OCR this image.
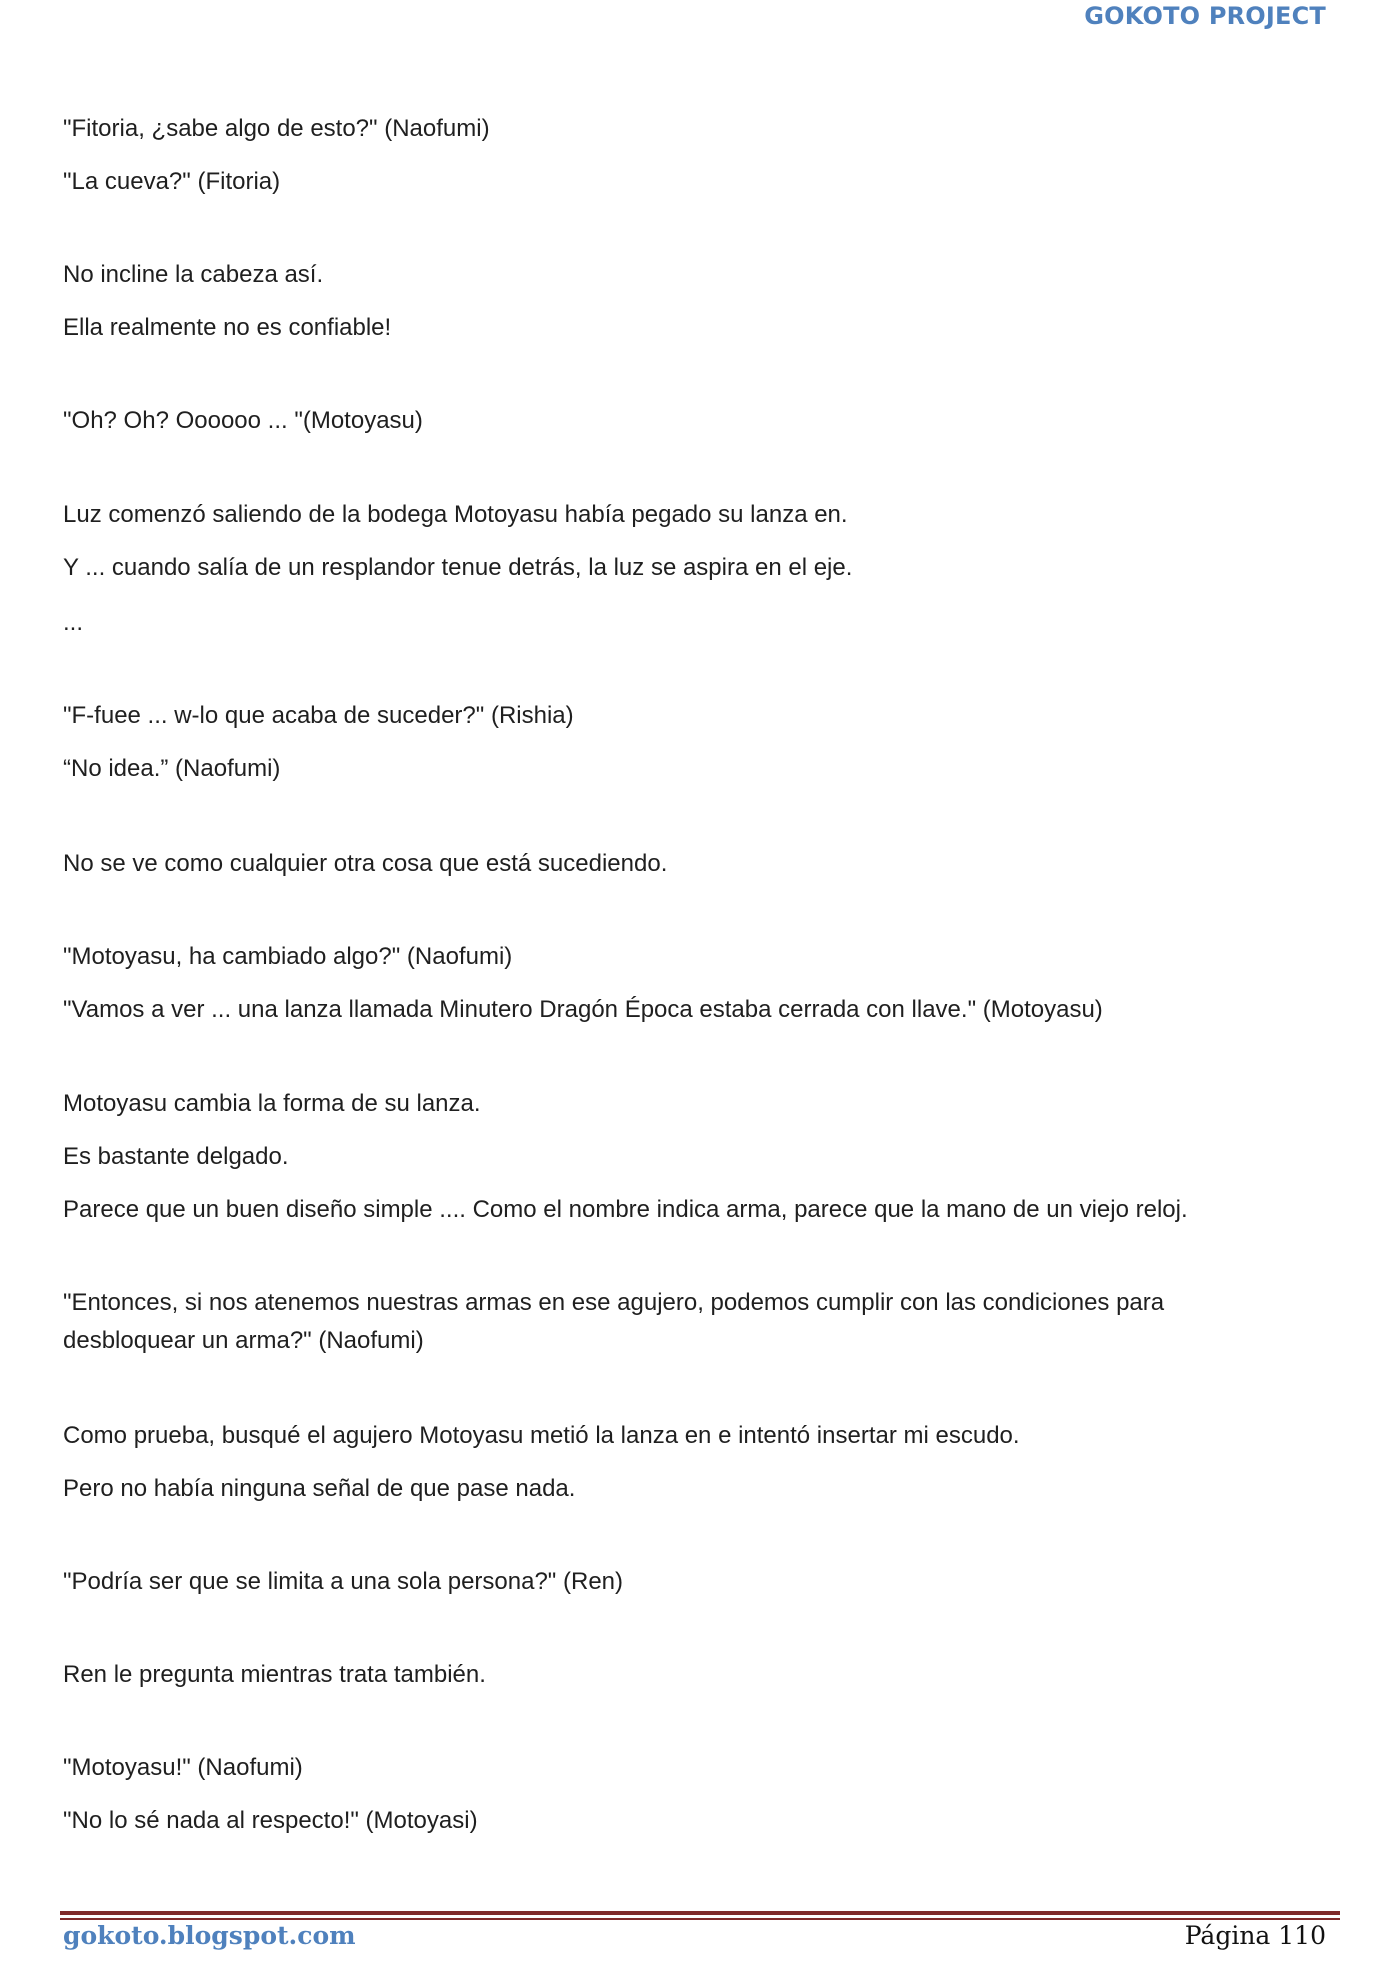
GOKOTO PROJECT
"Fitoria, ¿sabe algo de esto?" (Naofumi)
"La cueva?" (Fitoria)
No incline la cabeza así.
Ella realmente no es confiable!
"Oh? Oh? Oooooo ... "(Motoyasu)
Luz comenzó saliendo de la bodega Motoyasu había pegado su lanza en.
Y ... cuando salía de un resplandor tenue detrás, la luz se aspira en el eje.
...
"F-fuee ... w-lo que acaba de suceder?" (Rishia)
“No idea.” (Naofumi)
No se ve como cualquier otra cosa que está sucediendo.
"Motoyasu, ha cambiado algo?" (Naofumi)
"Vamos a ver ... una lanza llamada Minutero Dragón Época estaba cerrada con llave." (Motoyasu)
Motoyasu cambia la forma de su lanza.
Es bastante delgado.
Parece que un buen diseño simple .... Como el nombre indica arma, parece que la mano de un viejo reloj.
"Entonces, si nos atenemos nuestras armas en ese agujero, podemos cumplir con las condiciones para desbloquear un arma?" (Naofumi)
Como prueba, busqué el agujero Motoyasu metió la lanza en e intentó insertar mi escudo.
Pero no había ninguna señal de que pase nada.
"Podría ser que se limita a una sola persona?" (Ren)
Ren le pregunta mientras trata también.
"Motoyasu!" (Naofumi)
"No lo sé nada al respecto!" (Motoyasi)
gokoto.blogspot.com	Página 110
